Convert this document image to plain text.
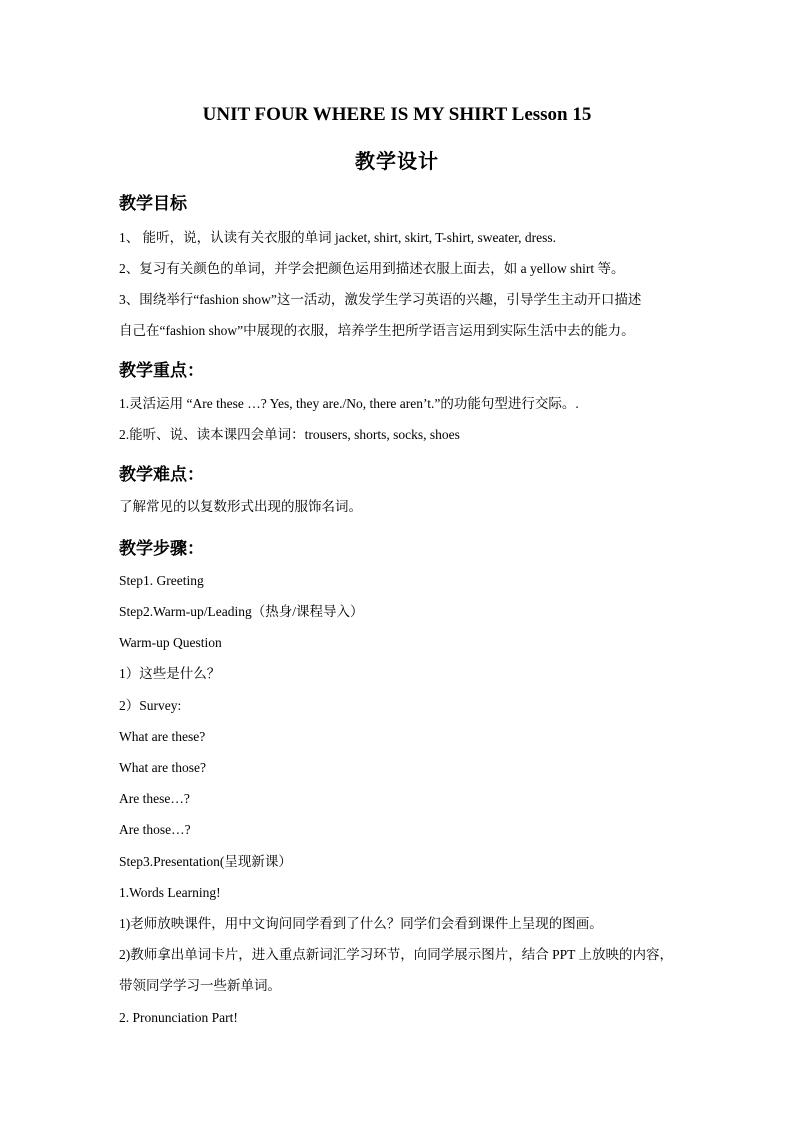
UNIT FOUR WHERE IS MY SHIRT Lesson 15
教学设计
教学目标
1、 能听，说，认读有关衣服的单词 jacket, shirt, skirt, T-shirt, sweater, dress.
2、复习有关颜色的单词，并学会把颜色运用到描述衣服上面去，如 a yellow shirt 等。
3、围绕举行“fashion show”这一活动，激发学生学习英语的兴趣，引导学生主动开口描述
自己在“fashion show”中展现的衣服，培养学生把所学语言运用到实际生活中去的能力。
教学重点：
1.灵活运用 “Are these …? Yes, they are./No, there aren’t.”的功能句型进行交际。.
2.能听、说、读本课四会单词：trousers, shorts, socks, shoes
教学难点：
了解常见的以复数形式出现的服饰名词。
教学步骤：
Step1. Greeting
Step2.Warm-up/Leading（热身/课程导入）
Warm-up Question
1）这些是什么？
2）Survey:
What are these?
What are those?
Are these…?
Are those…?
Step3.Presentation(呈现新课）
1.Words Learning!
1)老师放映课件，用中文询问同学看到了什么？同学们会看到课件上呈现的图画。
2)教师拿出单词卡片，进入重点新词汇学习环节，向同学展示图片，结合 PPT 上放映的内容，
带领同学学习一些新单词。
2. Pronunciation Part!
